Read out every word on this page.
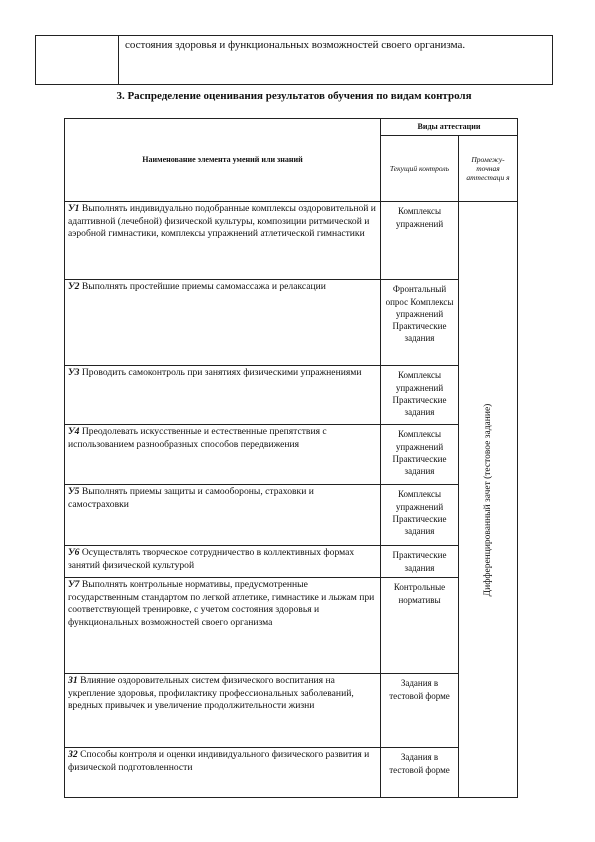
	состояния здоровья и функциональных возможностей своего организма.
3. Распределение оценивания результатов обучения по видам контроля
Наименование элемента умений или знаний	Виды аттестации	
	Текущий контроль	Промежу-точная аттестаци я
У1 Выполнять индивидуально подобранные комплексы оздоровительной и адаптивной (лечебной) физической культуры, композиции ритмической и аэробной гимнастики, комплексы упражнений атлетической гимнастики	Комплексы упражнений	Дифференцированный зачет (тестовое задание)

У2 Выполнять простейшие приемы самомассажа и релаксации	Фронтальный опрос Комплексы упражнений Практические задания	
У3 Проводить самоконтроль при занятиях физическими упражнениями	Комплексы упражнений Практические задания	
У4 Преодолевать искусственные и естественные препятствия с использованием разнообразных способов передвижения	Комплексы упражнений Практические задания	
У5 Выполнять приемы защиты и самообороны, страховки и самостраховки	Комплексы упражнений Практические задания	
У6 Осуществлять творческое сотрудничество в коллективных формах занятий физической культурой	Практические задания	
У7 Выполнять контрольные нормативы, предусмотренные государственным стандартом по легкой атлетике, гимнастике и лыжам при соответствующей тренировке, с учетом состояния здоровья и функциональных возможностей своего организма	Контрольные нормативы	
З1 Влияние оздоровительных систем физического воспитания на укрепление здоровья, профилактику профессиональных заболеваний, вредных привычек и увеличение продолжительности жизни	Задания в тестовой форме	
З2 Способы контроля и оценки индивидуального физического развития и физической подготовленности	Задания в тестовой форме	
